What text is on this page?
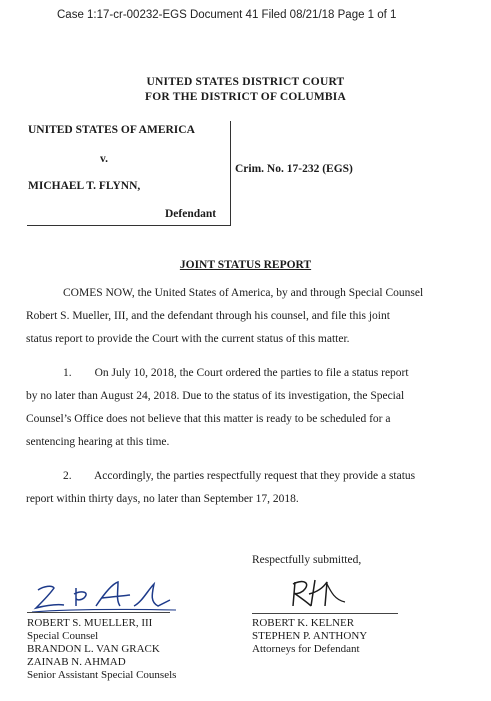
Case 1:17-cr-00232-EGS Document 41 Filed 08/21/18 Page 1 of 1
UNITED STATES DISTRICT COURT
FOR THE DISTRICT OF COLUMBIA
UNITED STATES OF AMERICA
v.
MICHAEL T. FLYNN,
Defendant
Crim. No. 17-232 (EGS)
JOINT STATUS REPORT
COMES NOW, the United States of America, by and through Special Counsel
Robert S. Mueller, III, and the defendant through his counsel, and file this joint
status report to provide the Court with the current status of this matter.
1.        On July 10, 2018, the Court ordered the parties to file a status report
by no later than August 24, 2018. Due to the status of its investigation, the Special
Counsel’s Office does not believe that this matter is ready to be scheduled for a
sentencing hearing at this time.
2.        Accordingly, the parties respectfully request that they provide a status
report within thirty days, no later than September 17, 2018.
Respectfully submitted,
ROBERT S. MUELLER, III
Special Counsel
BRANDON L. VAN GRACK
ZAINAB N. AHMAD
Senior Assistant Special Counsels
ROBERT K. KELNER
STEPHEN P. ANTHONY
Attorneys for Defendant
